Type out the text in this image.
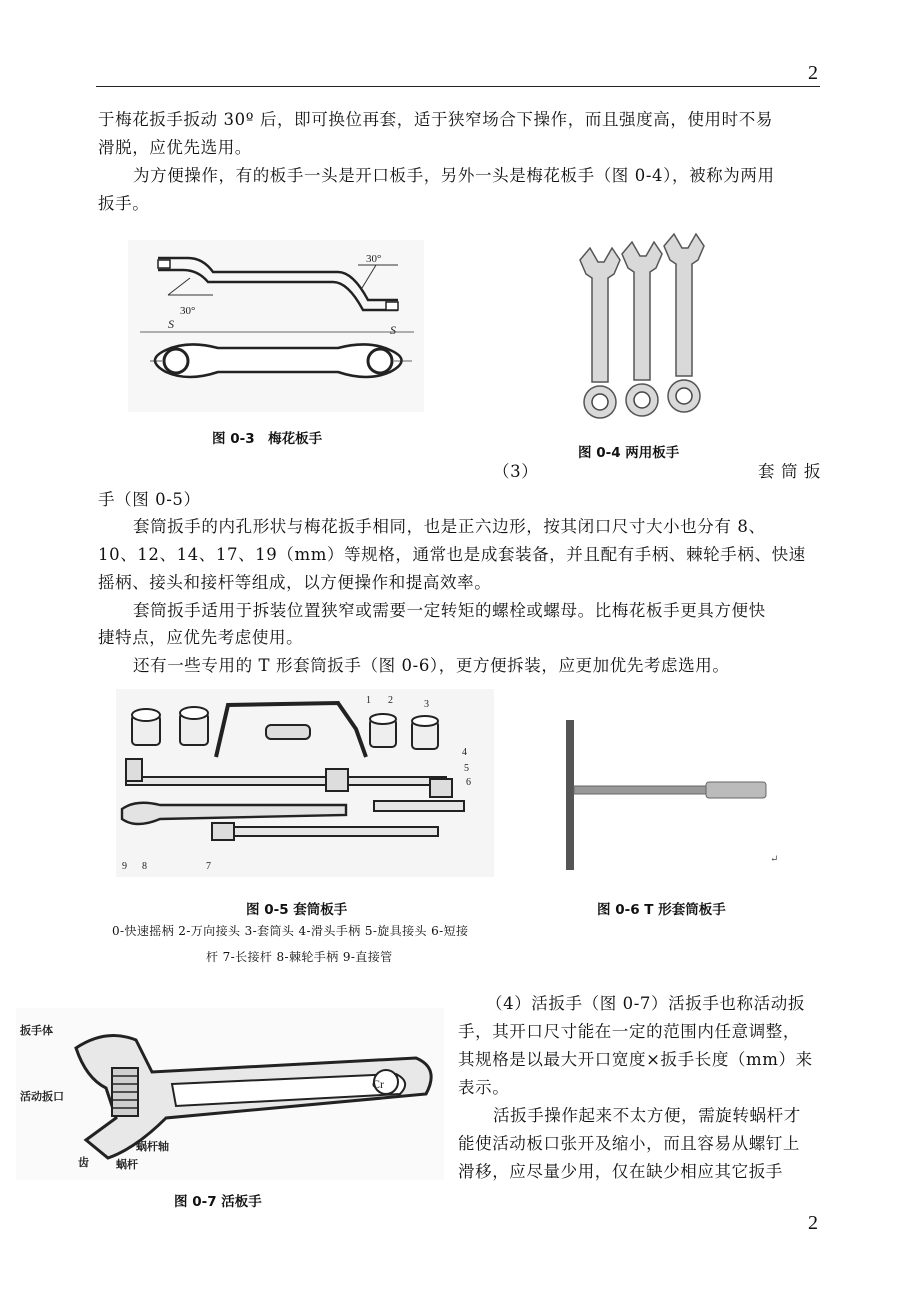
2
于梅花扳手扳动 30º 后，即可换位再套，适于狭窄场合下操作，而且强度高，使用时不易
滑脱，应优先选用。
为方便操作，有的板手一头是开口板手，另外一头是梅花板手（图 0-4），被称为两用
扳手。
30°
30°
S	S
图 0-3　梅花板手
图 0-4 两用板手
（3）	套 筒 扳
手（图 0-5）
套筒扳手的内孔形状与梅花扳手相同，也是正六边形，按其闭口尺寸大小也分有 8、
10、12、14、17、19（mm）等规格，通常也是成套装备，并且配有手柄、棘轮手柄、快速
摇柄、接头和接杆等组成，以方便操作和提高效率。
套筒扳手适用于拆装位置狭窄或需要一定转矩的螺栓或螺母。比梅花板手更具方便快
捷特点，应优先考虑使用。
还有一些专用的 T 形套筒扳手（图 0-6），更方便拆装，应更加优先考虑选用。
1 2	3
4
5
6
7
8
9
图 0-5 套筒板手
0-快速摇柄 2-万向接头 3-套筒头 4-滑头手柄 5-旋具接头 6-短接
杆 7-长接杆 8-棘轮手柄 9-直接管
↵
图 0-6 T 形套筒板手
Cr
扳手体
活动扳口
蜗杆轴
齿 蜗杆
图 0-7 活板手
（4）活扳手（图 0-7）活扳手也称活动扳
手，其开口尺寸能在一定的范围内任意调整，
其规格是以最大开口宽度×扳手长度（mm）来
表示。
活扳手操作起来不太方便，需旋转蜗杆才
能使活动板口张开及缩小，而且容易从螺钉上
滑移，应尽量少用，仅在缺少相应其它扳手
2
